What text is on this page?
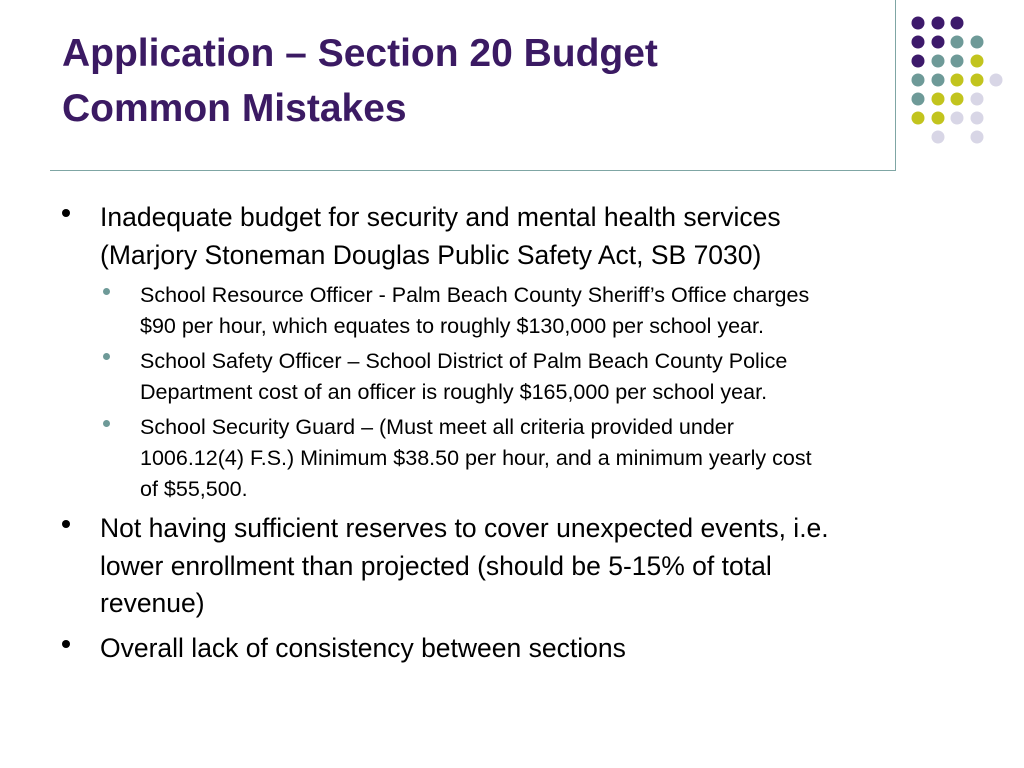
Application – Section 20 Budget
Common Mistakes
Inadequate budget for security and mental health services
(Marjory Stoneman Douglas Public Safety Act, SB 7030)
School Resource Officer - Palm Beach County Sheriff’s Office charges
$90 per hour, which equates to roughly $130,000 per school year.
School Safety Officer – School District of Palm Beach County Police
Department cost of an officer is roughly $165,000 per school year.
School Security Guard – (Must meet all criteria provided under
1006.12(4) F.S.) Minimum $38.50 per hour, and a minimum yearly cost
of $55,500.
Not having sufficient reserves to cover unexpected events, i.e.
lower enrollment than projected (should be 5-15% of total
revenue)
Overall lack of consistency between sections
